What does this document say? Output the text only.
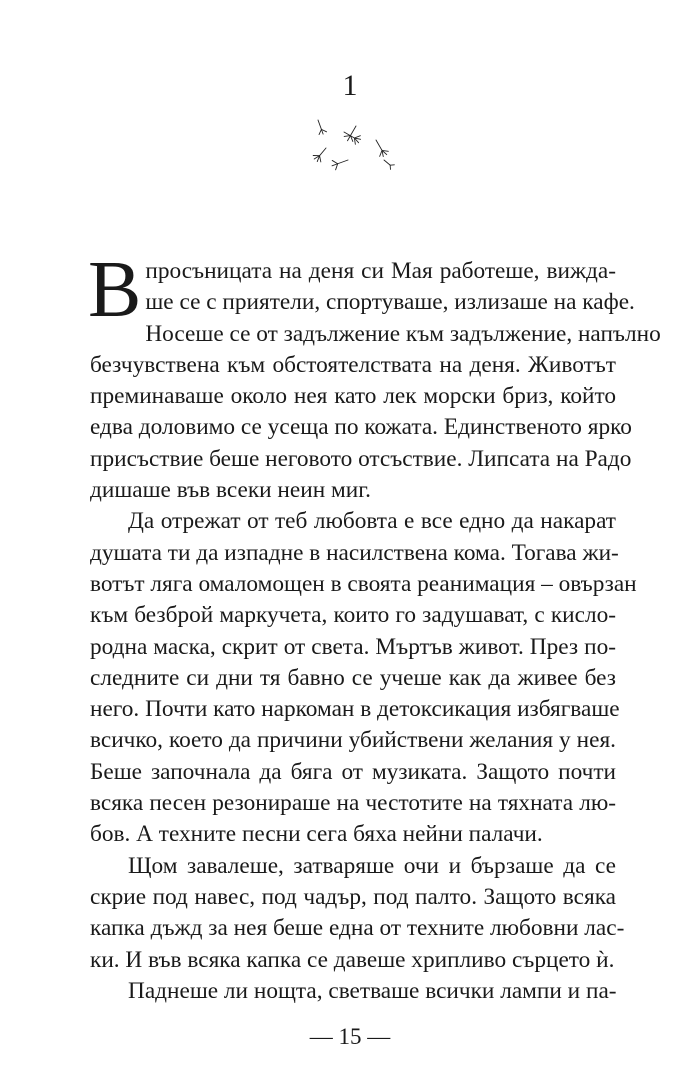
1
В просъницата на деня си Мая работеше, вижда-
ше се с приятели, спортуваше, излизаше на кафе.
Носеше се от задължение към задължение, напълно
безчувствена към обстоятелствата на деня. Животът
преминаваше около нея като лек морски бриз, който
едва доловимо се усеща по кожата. Единственото ярко
присъствие беше неговото отсъствие. Липсата на Радо
дишаше във всеки неин миг.
Да отрежат от теб любовта е все едно да накарат
душата ти да изпадне в насилствена кома. Тогава жи-
вотът ляга омаломощен в своята реанимация – овързан
към безброй маркучета, които го задушават, с кисло-
родна маска, скрит от света. Мъртъв живот. През по-
следните си дни тя бавно се учеше как да живее без
него. Почти като наркоман в детоксикация избягваше
всичко, което да причини убийствени желания у нея.
Беше започнала да бяга от музиката. Защото почти
всяка песен резонираше на честотите на тяхната лю-
бов. А техните песни сега бяха нейни палачи.
Щом завалеше, затваряше очи и бързаше да се
скрие под навес, под чадър, под палто. Защото всяка
капка дъжд за нея беше една от техните любовни лас-
ки. И във всяка капка се давеше хрипливо сърцето ѝ.
Паднеше ли нощта, светваше всички лампи и па-
— 15 —
